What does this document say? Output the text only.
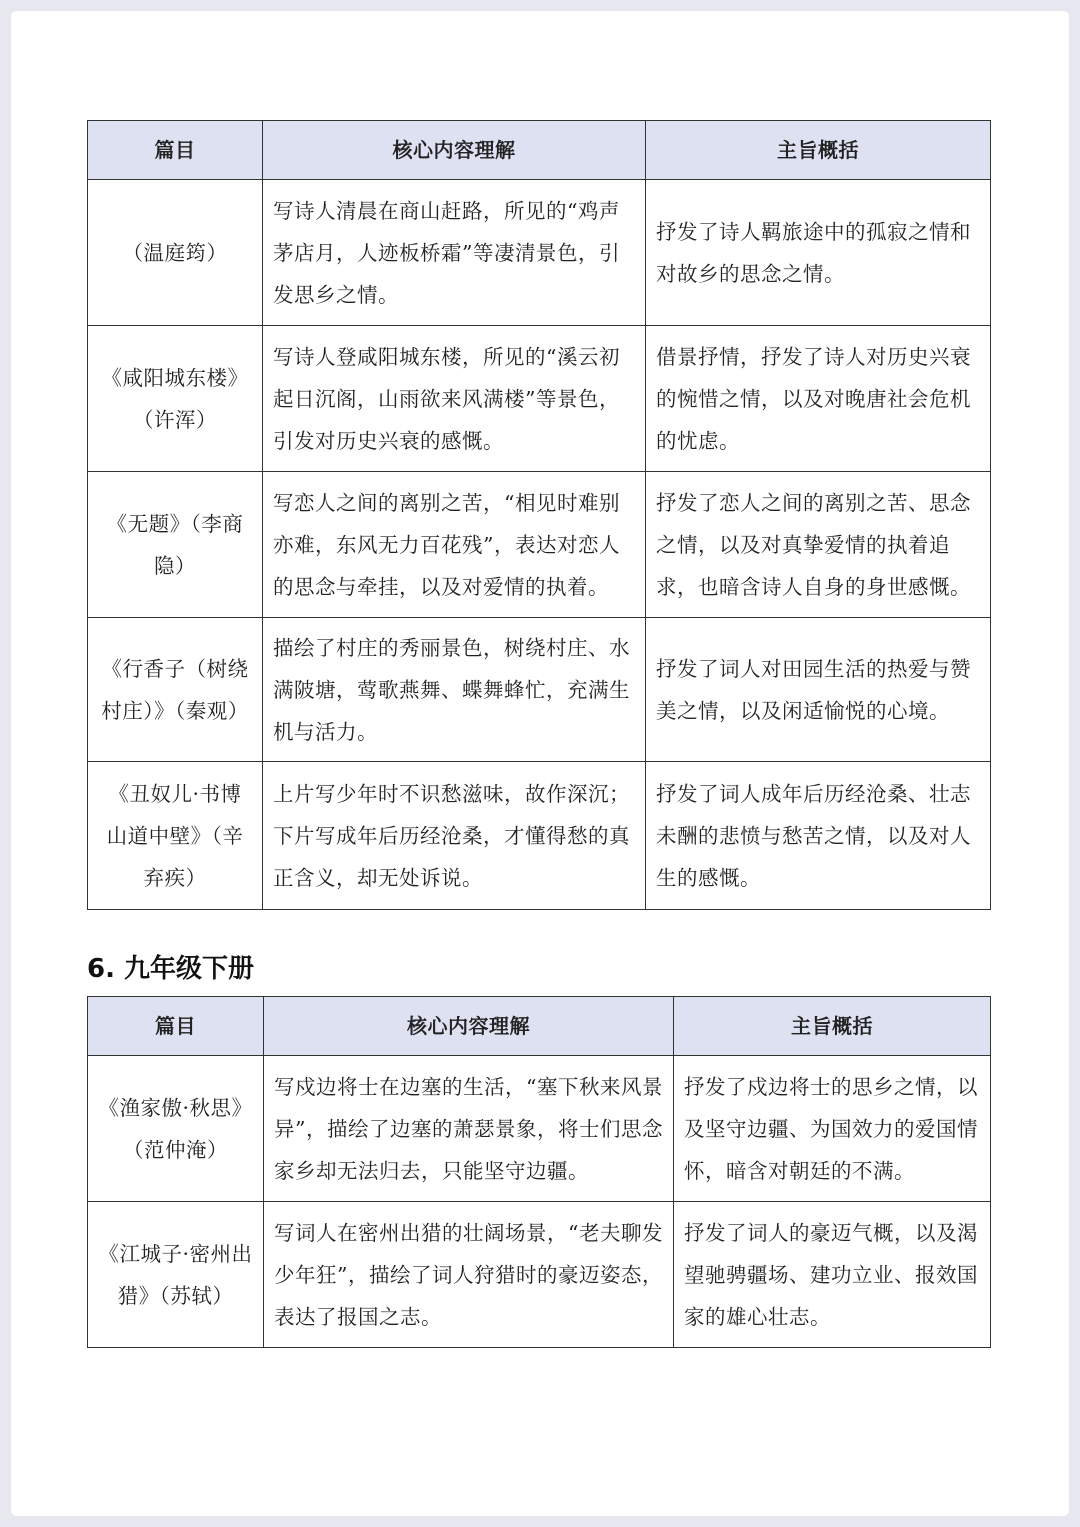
篇目	核心内容理解	主旨概括
（温庭筠）	写诗人清晨在商山赶路，所见的“鸡声茅店月，人迹板桥霜”等凄清景色，引发思乡之情。	抒发了诗人羁旅途中的孤寂之情和对故乡的思念之情。
《咸阳城东楼》（许浑）	写诗人登咸阳城东楼，所见的“溪云初起日沉阁，山雨欲来风满楼”等景色，引发对历史兴衰的感慨。	借景抒情，抒发了诗人对历史兴衰的惋惜之情，以及对晚唐社会危机的忧虑。
《无题》（李商隐）	写恋人之间的离别之苦，“相见时难别亦难，东风无力百花残”，表达对恋人的思念与牵挂，以及对爱情的执着。	抒发了恋人之间的离别之苦、思念之情，以及对真挚爱情的执着追求，也暗含诗人自身的身世感慨。
《行香子（树绕村庄）》（秦观）	描绘了村庄的秀丽景色，树绕村庄、水满陂塘，莺歌燕舞、蝶舞蜂忙，充满生机与活力。	抒发了词人对田园生活的热爱与赞美之情，以及闲适愉悦的心境。
《丑奴儿·书博山道中壁》（辛弃疾）	上片写少年时不识愁滋味，故作深沉；下片写成年后历经沧桑，才懂得愁的真正含义，却无处诉说。	抒发了词人成年后历经沧桑、壮志未酬的悲愤与愁苦之情，以及对人生的感慨。
6. 九年级下册
篇目	核心内容理解	主旨概括
《渔家傲·秋思》（范仲淹）	写戍边将士在边塞的生活，“塞下秋来风景异”，描绘了边塞的萧瑟景象，将士们思念家乡却无法归去，只能坚守边疆。	抒发了戍边将士的思乡之情，以及坚守边疆、为国效力的爱国情怀，暗含对朝廷的不满。
《江城子·密州出猎》（苏轼）	写词人在密州出猎的壮阔场景，“老夫聊发少年狂”，描绘了词人狩猎时的豪迈姿态，表达了报国之志。	抒发了词人的豪迈气概，以及渴望驰骋疆场、建功立业、报效国家的雄心壮志。
